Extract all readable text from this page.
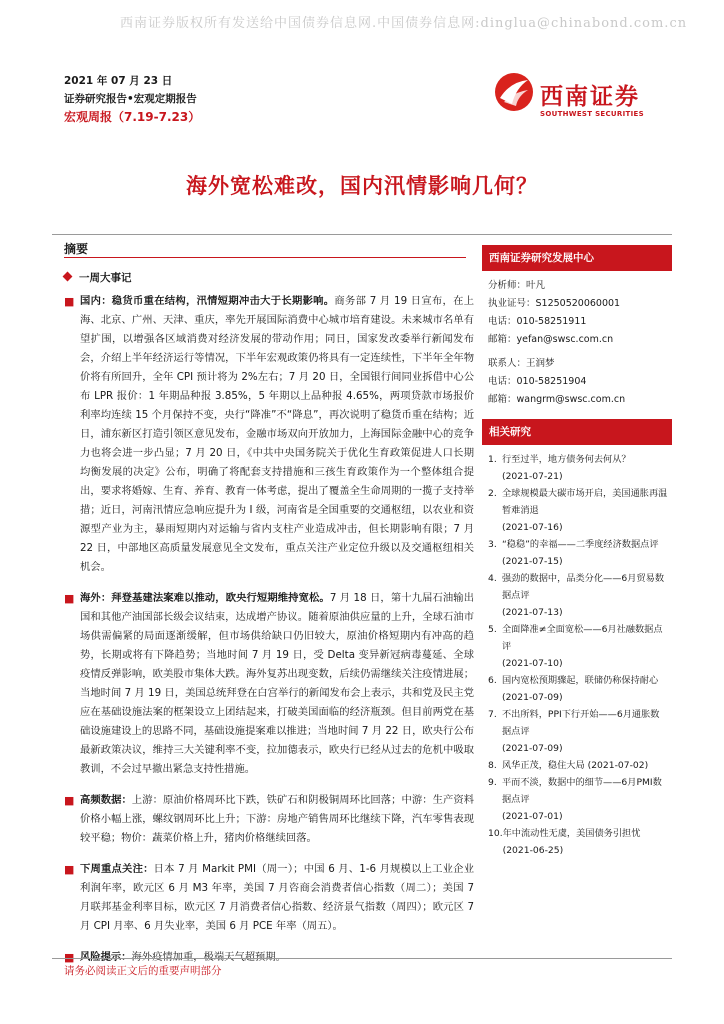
西南证券版权所有发送给中国债券信息网.中国债券信息网:dinglua@chinabond.com.cn
2021 年 07 月 23 日
证券研究报告•宏观定期报告
宏观周报（7.19-7.23）
西南证券
SOUTHWEST SECURITIES
海外宽松难改，国内汛情影响几何？
摘要
一周大事记
■ 国内：稳货币重在结构，汛情短期冲击大于长期影响。商务部 7 月 19 日宣布，在上海、北京、广州、天津、重庆，率先开展国际消费中心城市培育建设。未来城市名单有望扩围，以增强各区域消费对经济发展的带动作用；同日，国家发改委举行新闻发布会，介绍上半年经济运行等情况，下半年宏观政策仍将具有一定连续性，下半年全年物价将有所回升，全年 CPI 预计将为 2%左右；7 月 20 日，全国银行间同业拆借中心公布 LPR 报价：1 年期品种报 3.85%，5 年期以上品种报 4.65%，两项贷款市场报价利率均连续 15 个月保持不变，央行“降准”不“降息”，再次说明了稳货币重在结构；近日，浦东新区打造引领区意见发布，金融市场双向开放加力，上海国际金融中心的竞争力也将会进一步凸显；7 月 20 日，《中共中央国务院关于优化生育政策促进人口长期均衡发展的决定》公布，明确了将配套支持措施和三孩生育政策作为一个整体组合提出，要求将婚嫁、生育、养育、教育一体考虑，提出了覆盖全生命周期的一揽子支持举措；近日，河南汛情应急响应提升为 I 级，河南省是全国重要的交通枢纽，以农业和资源型产业为主，暴雨短期内对运输与省内支柱产业造成冲击，但长期影响有限；7 月 22 日，中部地区高质量发展意见全文发布，重点关注产业定位升级以及交通枢纽相关机会。
■ 海外：拜登基建法案难以推动，欧央行短期维持宽松。7 月 18 日，第十九届石油输出国和其他产油国部长级会议结束，达成增产协议。随着原油供应量的上升，全球石油市场供需偏紧的局面逐渐缓解，但市场供给缺口仍旧较大，原油价格短期内有冲高的趋势，长期或将有下降趋势；当地时间 7 月 19 日，受 Delta 变异新冠病毒蔓延、全球疫情反弹影响，欧美股市集体大跌。海外复苏出现变数，后续仍需继续关注疫情进展；当地时间 7 月 19 日，美国总统拜登在白宫举行的新闻发布会上表示，共和党及民主党应在基础设施法案的框架设立上团结起来，打破美国面临的经济瓶颈。但目前两党在基础设施建设上的思路不同，基础设施提案难以推进；当地时间 7 月 22 日，欧央行公布最新政策决议，维持三大关键利率不变，拉加德表示，欧央行已经从过去的危机中吸取教训，不会过早撤出紧急支持性措施。
■ 高频数据：上游：原油价格周环比下跌，铁矿石和阴极铜周环比回落；中游：生产资料价格小幅上涨，螺纹钢周环比上升；下游：房地产销售周环比继续下降，汽车零售表现较平稳；物价：蔬菜价格上升，猪肉价格继续回落。
■ 下周重点关注：日本 7 月 Markit PMI（周一）；中国 6 月、1-6 月规模以上工业企业利润年率，欧元区 6 月 M3 年率，美国 7 月咨商会消费者信心指数（周二）；美国 7 月联邦基金利率目标，欧元区 7 月消费者信心指数、经济景气指数（周四）；欧元区 7 月 CPI 月率、6 月失业率，美国 6 月 PCE 年率（周五）。
■ 风险提示：海外疫情加重，极端天气超预期。
西南证券研究发展中心
分析师：叶凡
执业证号：S1250520060001
电话：010-58251911
邮箱：yefan@swsc.com.cn
联系人：王润梦
电话：010-58251904
邮箱：wangrm@swsc.com.cn
相关研究
1. 行至过半，地方债务何去何从？
(2021-07-21)
2. 全球规模最大碳市场开启，美国通胀再温暂难消退
(2021-07-16)
3. “稳稳”的幸福——二季度经济数据点评
(2021-07-15)
4. 强劲的数据中，品类分化——6月贸易数据点评
(2021-07-13)
5. 全面降准≠全面宽松——6月社融数据点评
(2021-07-10)
6. 国内宽松预期骤起，联储仍称保持耐心
(2021-07-09)
7. 不出所料，PPI下行开始——6月通胀数据点评
(2021-07-09)
8. 风华正茂，稳住大局 (2021-07-02)
9. 平而不淡，数据中的细节——6月PMI数据点评
(2021-07-01)
10. 年中流动性无虞，美国债务引担忧
(2021-06-25)
请务必阅读正文后的重要声明部分
